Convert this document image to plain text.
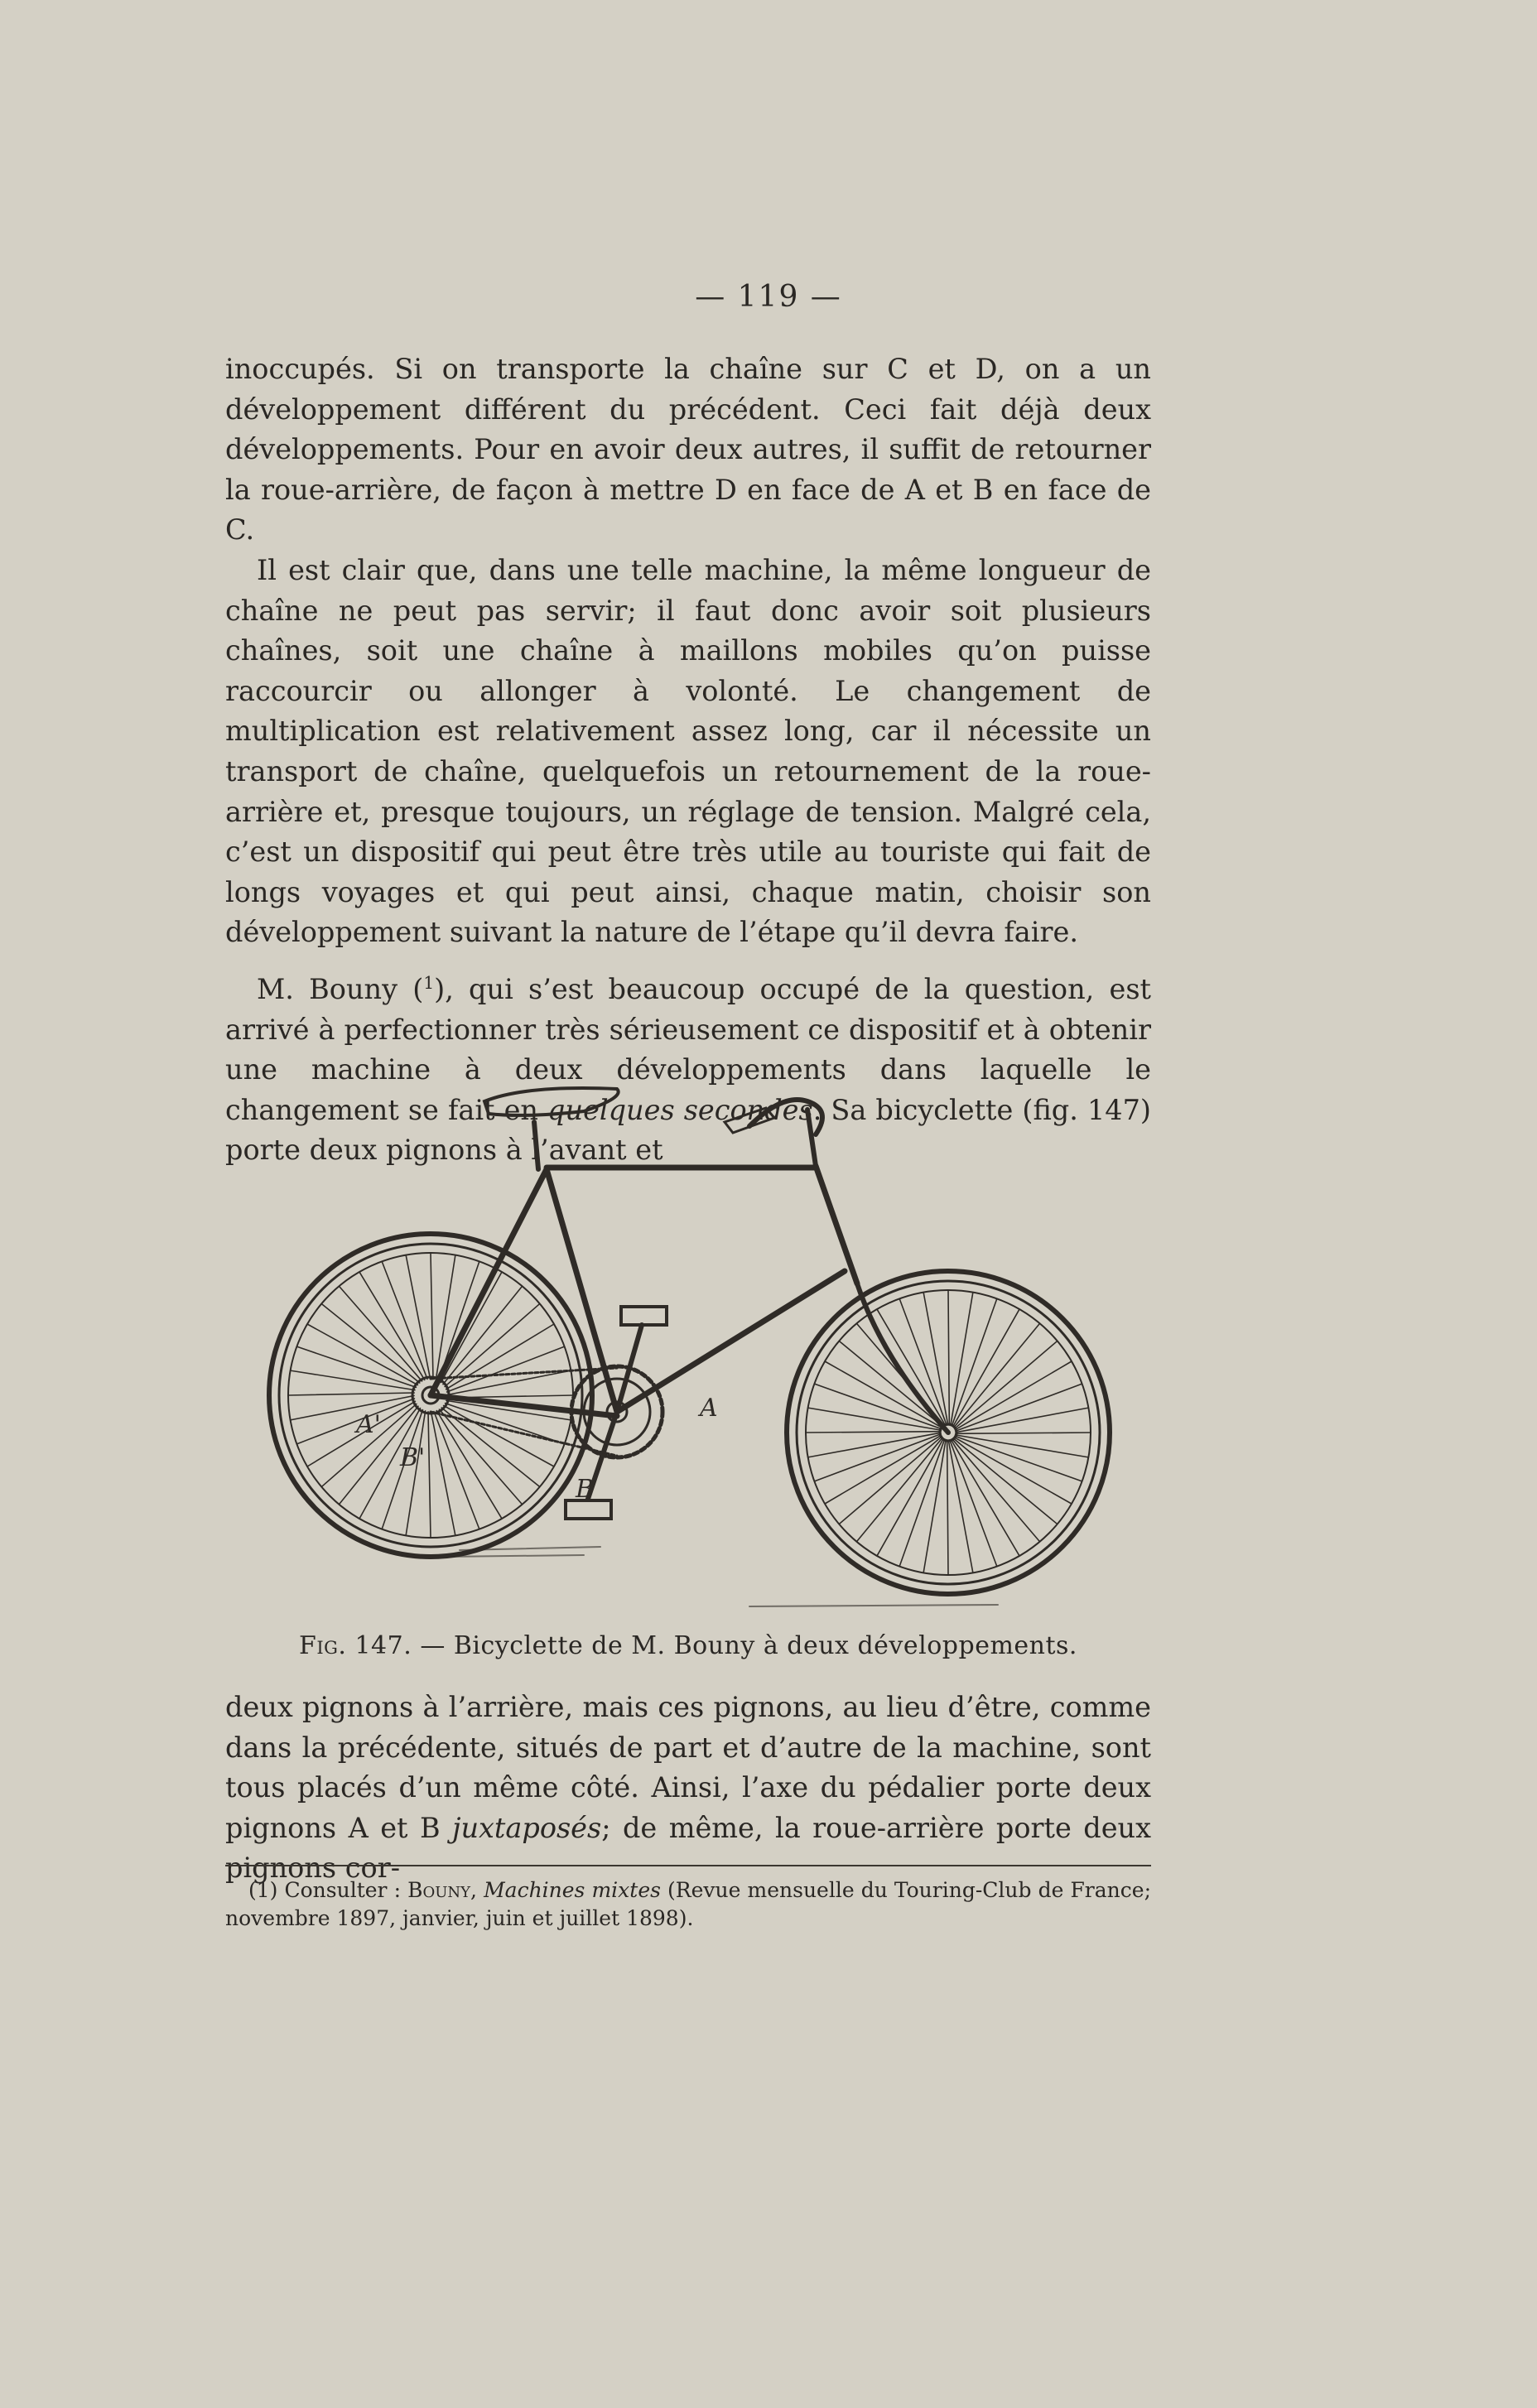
— 119 —

inoccupés. Si on transporte la chaîne sur C et D, on a un développement différent du précédent. Ceci fait déjà deux développements. Pour en avoir deux autres, il suffit de retourner la roue-arrière, de façon à mettre D en face de A et B en face de C.

Il est clair que, dans une telle machine, la même longueur de chaîne ne peut pas servir; il faut donc avoir soit plusieurs chaînes, soit une chaîne à maillons mobiles qu’on puisse raccourcir ou allonger à volonté. Le changement de multiplication est relativement assez long, car il nécessite un transport de chaîne, quelquefois un retournement de la roue-arrière et, presque toujours, un réglage de tension. Malgré cela, c’est un dispositif qui peut être très utile au touriste qui fait de longs voyages et qui peut ainsi, chaque matin, choisir son développement suivant la nature de l’étape qu’il devra faire.

M. Bouny ($^1$), qui s’est beaucoup occupé de la question, est arrivé à perfectionner très sérieusement ce dispositif et à obtenir une machine à deux développements dans laquelle le changement se fait en quelques secondes. Sa bicyclette (fig. 147) porte deux pignons à l’avant et

A'
B'
A
B
Fig. 147. — Bicyclette de M. Bouny à deux développements.

deux pignons à l’arrière, mais ces pignons, au lieu d’être, comme dans la précédente, situés de part et d’autre de la machine, sont tous placés d’un même côté. Ainsi, l’axe du pédalier porte deux pignons A et B juxtaposés; de même, la roue-arrière porte deux pignons cor-

(1) Consulter : Bouny, Machines mixtes (Revue mensuelle du Touring-Club de France; novembre 1897, janvier, juin et juillet 1898).
